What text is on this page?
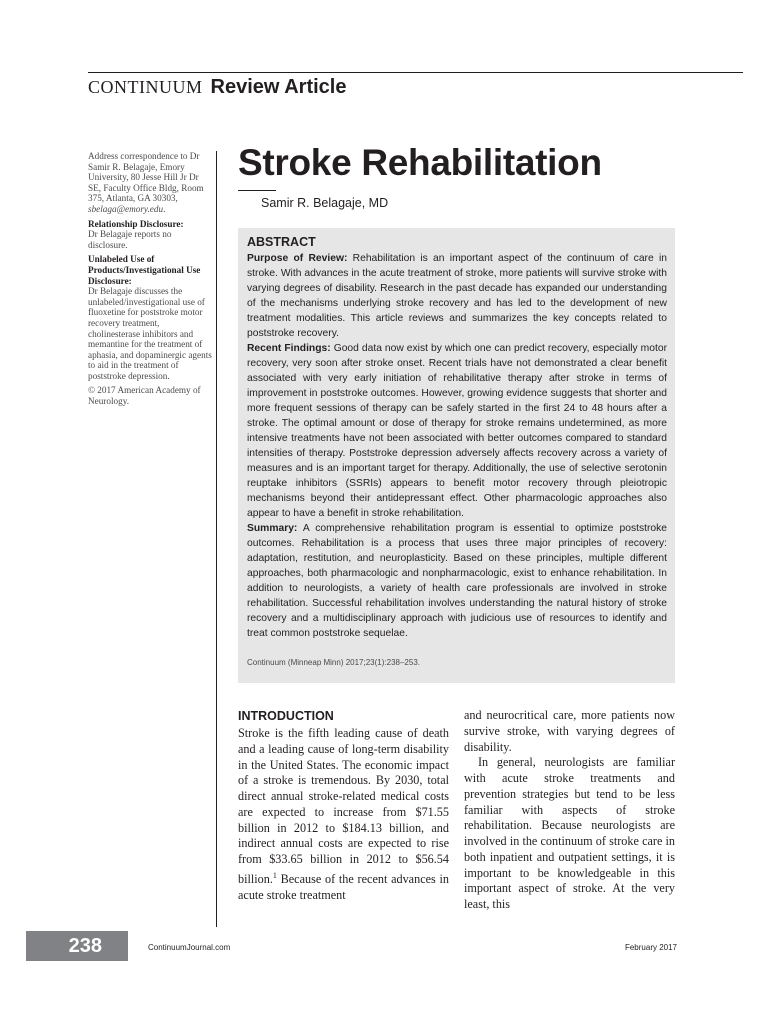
CONTINUUM Review Article

Address correspondence to Dr Samir R. Belagaje, Emory University, 80 Jesse Hill Jr Dr SE, Faculty Office Bldg, Room 375, Atlanta, GA 30303, sbelaga@emory.edu.

Relationship Disclosure:
Dr Belagaje reports no disclosure.

Unlabeled Use of Products/Investigational Use Disclosure:
Dr Belagaje discusses the unlabeled/investigational use of fluoxetine for poststroke motor recovery treatment, cholinesterase inhibitors and memantine for the treatment of aphasia, and dopaminergic agents to aid in the treatment of poststroke depression.

© 2017 American Academy of Neurology.

Stroke Rehabilitation
Samir R. Belagaje, MD
ABSTRACT

Purpose of Review: Rehabilitation is an important aspect of the continuum of care in stroke. With advances in the acute treatment of stroke, more patients will survive stroke with varying degrees of disability. Research in the past decade has expanded our understanding of the mechanisms underlying stroke recovery and has led to the development of new treatment modalities. This article reviews and summarizes the key concepts related to poststroke recovery.

Recent Findings: Good data now exist by which one can predict recovery, especially motor recovery, very soon after stroke onset. Recent trials have not demonstrated a clear benefit associated with very early initiation of rehabilitative therapy after stroke in terms of improvement in poststroke outcomes. However, growing evidence suggests that shorter and more frequent sessions of therapy can be safely started in the first 24 to 48 hours after a stroke. The optimal amount or dose of therapy for stroke remains undetermined, as more intensive treatments have not been associated with better outcomes compared to standard intensities of therapy. Poststroke depression adversely affects recovery across a variety of measures and is an important target for therapy. Additionally, the use of selective serotonin reuptake inhibitors (SSRIs) appears to benefit motor recovery through pleiotropic mechanisms beyond their antidepressant effect. Other pharmacologic approaches also appear to have a benefit in stroke rehabilitation.

Summary: A comprehensive rehabilitation program is essential to optimize poststroke outcomes. Rehabilitation is a process that uses three major principles of recovery: adaptation, restitution, and neuroplasticity. Based on these principles, multiple different approaches, both pharmacologic and nonpharmacologic, exist to enhance rehabilitation. In addition to neurologists, a variety of health care professionals are involved in stroke rehabilitation. Successful rehabilitation involves understanding the natural history of stroke recovery and a multidisciplinary approach with judicious use of resources to identify and treat common poststroke sequelae.

Continuum (Minneap Minn) 2017;23(1):238–253.

INTRODUCTION

Stroke is the fifth leading cause of death and a leading cause of long-term disability in the United States. The economic impact of a stroke is tremendous. By 2030, total direct annual stroke-related medical costs are expected to increase from $71.55 billion in 2012 to $184.13 billion, and indirect annual costs are expected to rise from $33.65 billion in 2012 to $56.54 billion.$^1$ Because of the recent advances in acute stroke treatment

and neurocritical care, more patients now survive stroke, with varying degrees of disability.

In general, neurologists are familiar with acute stroke treatments and prevention strategies but tend to be less familiar with aspects of stroke rehabilitation. Because neurologists are involved in the continuum of stroke care in both inpatient and outpatient settings, it is important to be knowledgeable in this important aspect of stroke. At the very least, this

238	ContinuumJournal.com	February 2017
